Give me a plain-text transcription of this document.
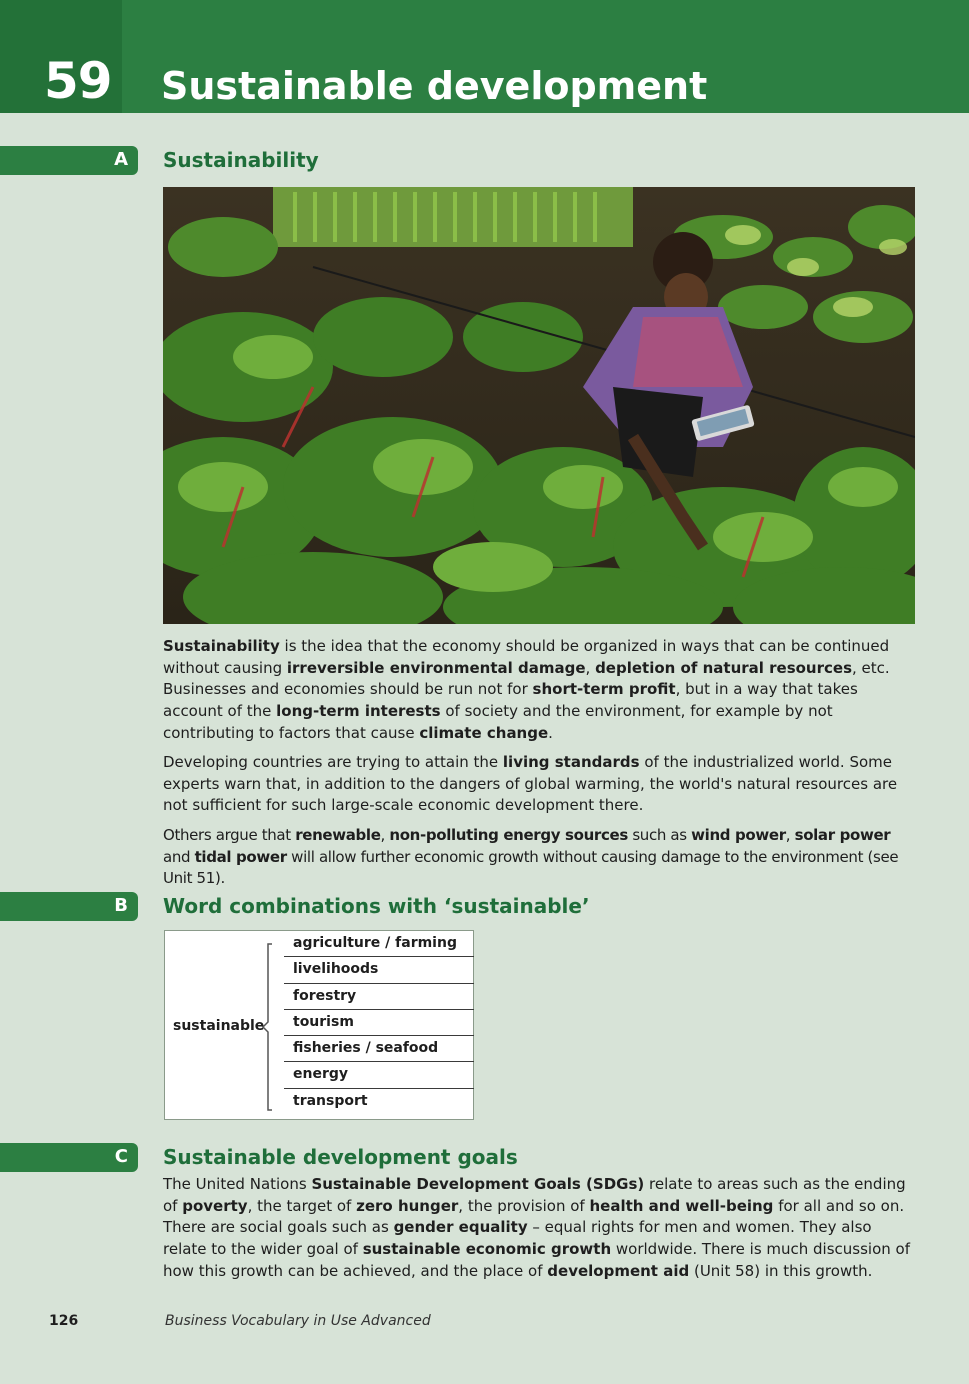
59 Sustainable development
A Sustainability

Sustainability is the idea that the economy should be organized in ways that can be continued without causing irreversible environmental damage, depletion of natural resources, etc. Businesses and economies should be run not for short-term profit, but in a way that takes account of the long-term interests of society and the environment, for example by not contributing to factors that cause climate change.

Developing countries are trying to attain the living standards of the industrialized world. Some experts warn that, in addition to the dangers of global warming, the world's natural resources are not sufficient for such large-scale economic development there.

Others argue that renewable, non-polluting energy sources such as wind power, solar power and tidal power will allow further economic growth without causing damage to the environment (see Unit 51).

B Word combinations with ‘sustainable’
sustainable
agriculture / farming
livelihoods
forestry
tourism
fisheries / seafood
energy
transport
C Sustainable development goals

The United Nations Sustainable Development Goals (SDGs) relate to areas such as the ending of poverty, the target of zero hunger, the provision of health and well-being for all and so on. There are social goals such as gender equality – equal rights for men and women. They also relate to the wider goal of sustainable economic growth worldwide. There is much discussion of how this growth can be achieved, and the place of development aid (Unit 58) in this growth.

126	Business Vocabulary in Use Advanced
